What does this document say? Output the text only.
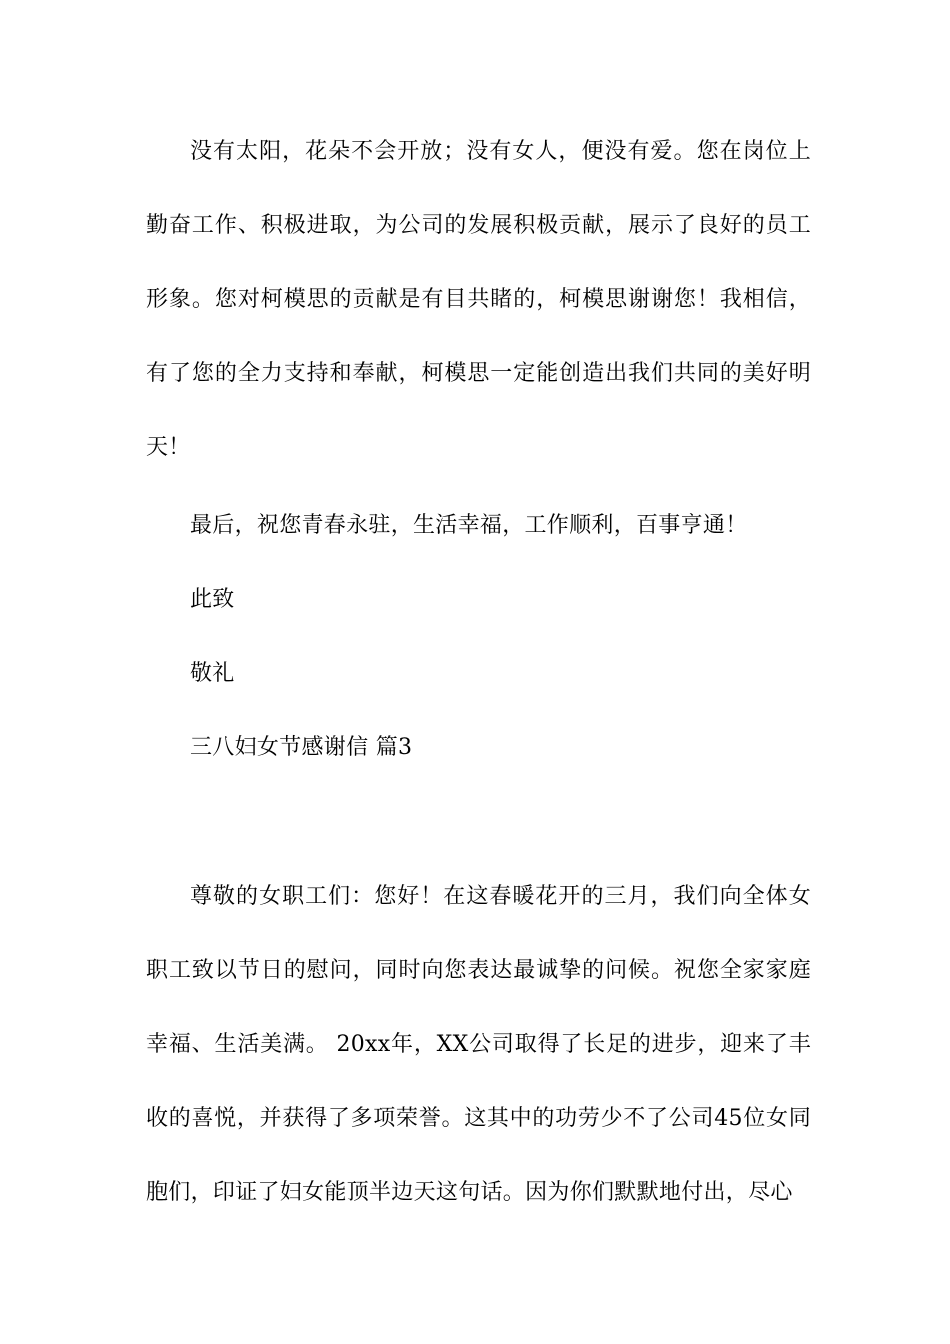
没有太阳，花朵不会开放；没有女人，便没有爱。您在岗位上勤奋工作、积极进取，为公司的发展积极贡献，展示了良好的员工形象。您对柯模思的贡献是有目共睹的，柯模思谢谢您！我相信，有了您的全力支持和奉献，柯模思一定能创造出我们共同的美好明天！

最后，祝您青春永驻，生活幸福，工作顺利，百事亨通！

此致

敬礼

三八妇女节感谢信 篇3

尊敬的女职工们：您好！在这春暖花开的三月，我们向全体女职工致以节日的慰问，同时向您表达最诚挚的问候。祝您全家家庭幸福、生活美满。 20xx年，XX公司取得了长足的进步，迎来了丰收的喜悦，并获得了多项荣誉。这其中的功劳少不了公司45位女同胞们，印证了妇女能顶半边天这句话。因为你们默默地付出，尽心
